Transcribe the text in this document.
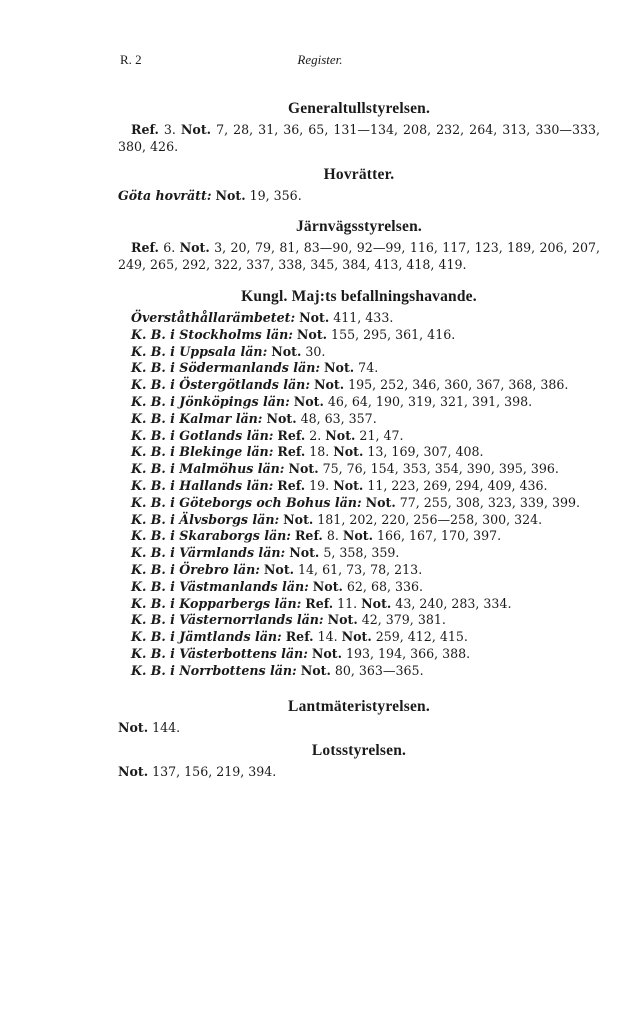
R. 2	Register.
Generaltullstyrelsen.

Ref. 3. Not. 7, 28, 31, 36, 65, 131—134, 208, 232, 264, 313, 330—333, 380, 426.

Hovrätter.

Göta hovrätt: Not. 19, 356.

Järnvägsstyrelsen.

Ref. 6. Not. 3, 20, 79, 81, 83—90, 92—99, 116, 117, 123, 189, 206, 207, 249, 265, 292, 322, 337, 338, 345, 384, 413, 418, 419.

Kungl. Maj:ts befallningshavande.

Överståthållarämbetet: Not. 411, 433.

K. B. i Stockholms län: Not. 155, 295, 361, 416.

K. B. i Uppsala län: Not. 30.

K. B. i Södermanlands län: Not. 74.

K. B. i Östergötlands län: Not. 195, 252, 346, 360, 367, 368, 386.

K. B. i Jönköpings län: Not. 46, 64, 190, 319, 321, 391, 398.

K. B. i Kalmar län: Not. 48, 63, 357.

K. B. i Gotlands län: Ref. 2. Not. 21, 47.

K. B. i Blekinge län: Ref. 18. Not. 13, 169, 307, 408.

K. B. i Malmöhus län: Not. 75, 76, 154, 353, 354, 390, 395, 396.

K. B. i Hallands län: Ref. 19. Not. 11, 223, 269, 294, 409, 436.

K. B. i Göteborgs och Bohus län: Not. 77, 255, 308, 323, 339, 399.

K. B. i Älvsborgs län: Not. 181, 202, 220, 256—258, 300, 324.

K. B. i Skaraborgs län: Ref. 8. Not. 166, 167, 170, 397.

K. B. i Värmlands län: Not. 5, 358, 359.

K. B. i Örebro län: Not. 14, 61, 73, 78, 213.

K. B. i Västmanlands län: Not. 62, 68, 336.

K. B. i Kopparbergs län: Ref. 11. Not. 43, 240, 283, 334.

K. B. i Västernorrlands län: Not. 42, 379, 381.

K. B. i Jämtlands län: Ref. 14. Not. 259, 412, 415.

K. B. i Västerbottens län: Not. 193, 194, 366, 388.

K. B. i Norrbottens län: Not. 80, 363—365.

Lantmäteristyrelsen.

Not. 144.

Lotsstyrelsen.

Not. 137, 156, 219, 394.
